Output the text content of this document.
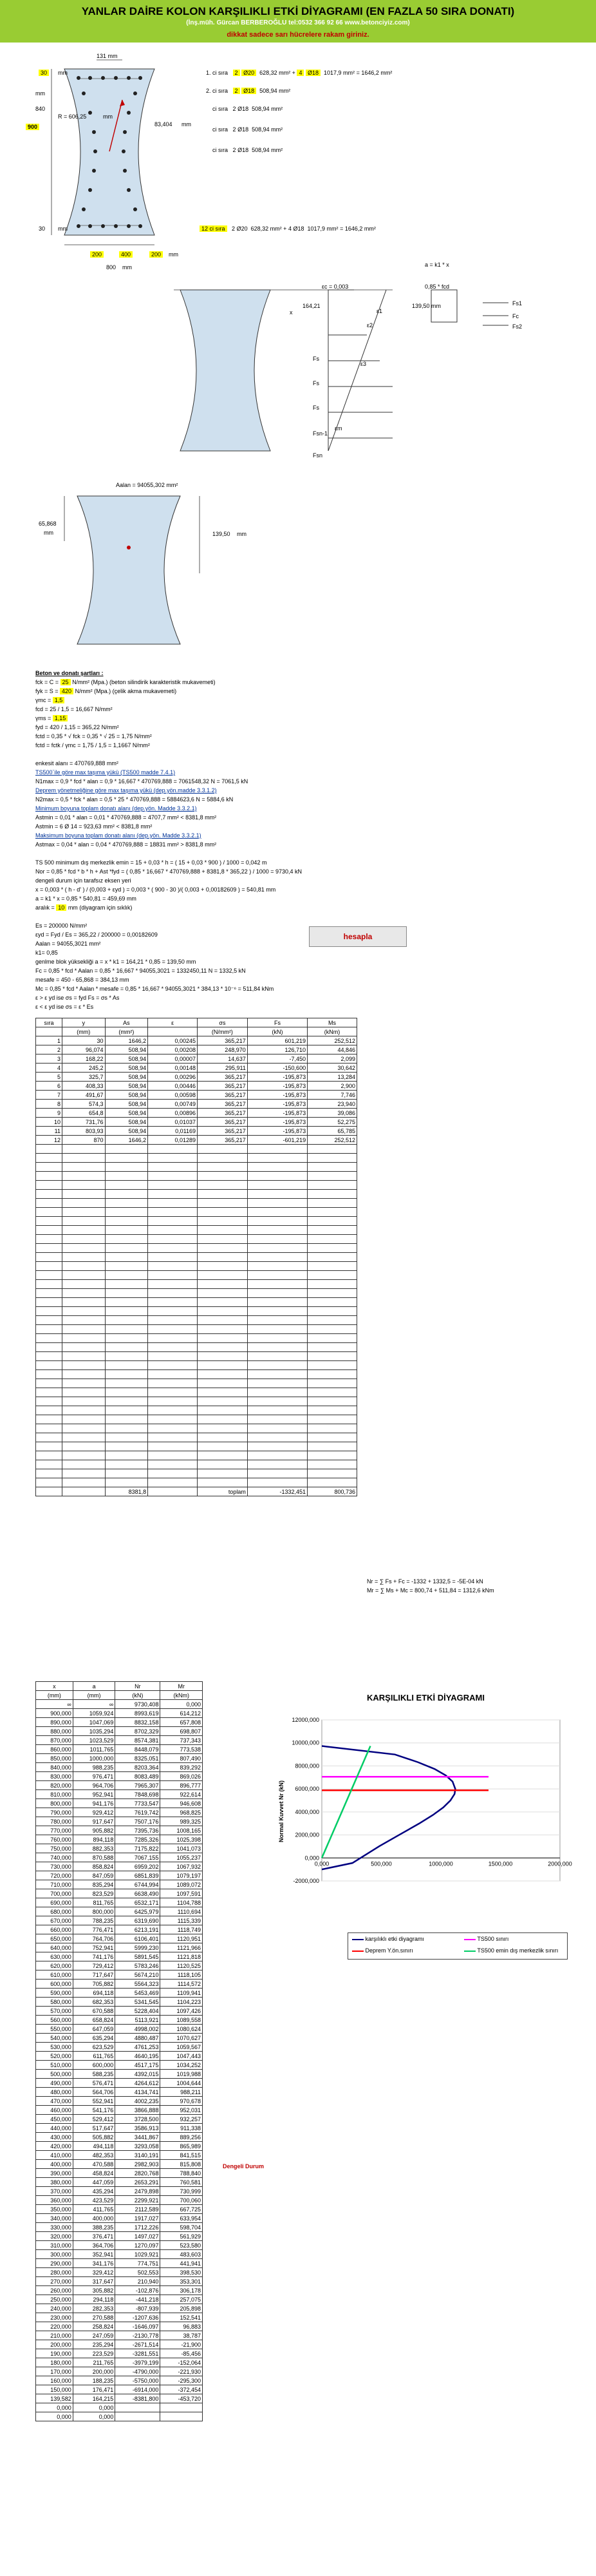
YANLAR DAİRE KOLON KARŞILIKLI ETKİ DİYAGRAMI (EN FAZLA 50 SIRA DONATI)
(İnş.müh. Gürcan BERBEROĞLU tel:0532 366 92 66 www.betonciyiz.com)
dikkat sadece sarı hücrelere rakam giriniz.
131 mm
30	mm
900
840
mm
R = 606,25	mm
83,404 mm
30 mm
200	400	200	mm
800 mm
1. ci sıra 2 Ø20 628,32 mm² + 4 Ø18 1017,9 mm² = 1646,2 mm²
2. ci sıra 2 Ø18 508,94 mm²
ci sıra 2 Ø18 508,94 mm²
ci sıra 2 Ø18 508,94 mm²
ci sıra 2 Ø18 508,94 mm²
12 ci sıra 2 Ø20 628,32 mm² + 4 Ø18 1017,9 mm² = 1646,2 mm²
a = k1 * x
εc = 0,003	0,85 * fcd
x
164,21	139,50 mm
ε1
ε2
ε3
εm
Fs1
Fc
Fs2
Fs
Fs
Fs
Fsn-1
Fsn
Aalan = 94055,302 mm²
65,868
mm	139,50 mm
Beton ve donatı şartları :
fck = C = 25 N/mm² (Mpa.) (beton silindirik karakteristik mukavemeti)
fyk = S = 420 N/mm² (Mpa.) (çelik akma mukavemeti)
γmc = 1,5
fcd = 25 / 1,5 = 16,667 N/mm²
γms = 1,15
fyd = 420 / 1,15 = 365,22 N/mm²
fctd = 0,35 * √ fck = 0,35 * √ 25 = 1,75 N/mm²
fctd = fctk / γmc = 1,75 / 1,5 = 1,1667 N/mm²
enkesit alanı = 470769,888 mm²
TS500`ile göre max taşıma yükü (TS500 madde 7.4.1)
N1max = 0,9 * fcd * alan = 0,9 * 16,667 * 470769,888 = 7061548,32 N = 7061,5 kN
Deprem yönetmeliğine göre max taşıma yükü (dep.yön.madde 3.3.1.2)
N2max = 0,5 * fck * alan = 0,5 * 25 * 470769,888 = 5884623,6 N = 5884,6 kN
Minimum boyuna toplam donatı alanı (dep.yön. Madde 3.3.2.1)
Astmin = 0,01 * alan = 0,01 * 470769,888 = 4707,7 mm² < 8381,8 mm²
Astmin = 6 Ø 14 = 923,63 mm² < 8381,8 mm²
Maksimum boyuna toplam donatı alanı (dep.yön. Madde 3.3.2.1)
Astmax = 0,04 * alan = 0,04 * 470769,888 = 18831 mm² > 8381,8 mm²
TS 500 minimum dış merkezlik emin = 15 + 0,03 * h = ( 15 + 0,03 * 900 ) / 1000 = 0,042 m
Nor = 0,85 * fcd * b * h + Ast *fyd = ( 0,85 * 16,667 * 470769,888 + 8381,8 * 365,22 ) / 1000 = 9730,4 kN
dengeli durum için tarafsız eksen yeri
x = 0,003 * ( h - d' ) / (0,003 + εyd ) = 0,003 * ( 900 - 30 )/( 0,003 + 0,00182609 ) = 540,81 mm
a = k1 * x = 0,85 * 540,81 = 459,69 mm
aralık = 10 mm (diyagram için sıklık)
Es = 200000 N/mm²
εyd = Fyd / Es = 365,22 / 200000 = 0,00182609	hesapla
Aalan = 94055,3021 mm²
k1= 0,85
genlme blok yüksekliği a = x * k1 = 164,21 * 0,85 = 139,50 mm
Fc = 0,85 * fcd * Aalan = 0,85 * 16,667 * 94055,3021 = 1332450,11 N = 1332,5 kN
mesafe = 450 - 65,868 = 384,13 mm
Mc = 0,85 * fcd * Aalan * mesafe = 0,85 * 16,667 * 94055,3021 * 384,13 * 10⁻⁶ = 511,84 kNm
ε > ε yd ise σs = fyd Fs = σs * As
ε < ε yd ise σs = ε * Es
sıra	y	As	ε	σs	Fs	Ms
	(mm)	(mm²)		(N/mm²)	(kN)	(kNm)
1	30	1646,2	0,00245	365,217	601,219	252,512
2	96,074	508,94	0,00208	248,970	126,710	44,846
3	168,22	508,94	0,00007	14,637	-7,450	2,099
4	245,2	508,94	0,00148	295,911	-150,600	30,642
5	325,7	508,94	0,00296	365,217	-195,873	13,284
6	408,33	508,94	0,00446	365,217	-195,873	2,900
7	491,67	508,94	0,00598	365,217	-195,873	7,746
8	574,3	508,94	0,00749	365,217	-195,873	23,940
9	654,8	508,94	0,00896	365,217	-195,873	39,086
10	731,76	508,94	0,01037	365,217	-195,873	52,275
11	803,93	508,94	0,01169	365,217	-195,873	65,785
12	870	1646,2	0,01289	365,217	-601,219	252,512

		8381,8		toplam	-1332,451	800,736
Nr = ∑ Fs + Fc = -1332 + 1332,5 = -5E-04 kN
Mr = ∑ Ms + Mc = 800,74 + 511,84 = 1312,6 kNm
x	a	Nr	Mr
(mm)	(mm)	(kN)	(kNm)
∞	∞	9730,408	0,000
900,000	1059,924	8993,619	614,212
890,000	1047,069	8832,158	657,808
880,000	1035,294	8702,329	698,807
870,000	1023,529	8574,381	737,343
860,000	1011,765	8448,079	773,538
850,000	1000,000	8325,051	807,490
840,000	988,235	8203,364	839,292
830,000	976,471	8083,489	869,026
820,000	964,706	7965,307	896,777
810,000	952,941	7848,698	922,614
800,000	941,176	7733,547	946,608
790,000	929,412	7619,742	968,825
780,000	917,647	7507,176	989,325
770,000	905,882	7395,736	1008,165
760,000	894,118	7285,326	1025,398
750,000	882,353	7175,822	1041,073
740,000	870,588	7067,155	1055,237
730,000	858,824	6959,202	1067,932
720,000	847,059	6851,839	1079,197
710,000	835,294	6744,994	1089,072
700,000	823,529	6638,490	1097,591
690,000	811,765	6532,171	1104,788
680,000	800,000	6425,979	1110,694
670,000	788,235	6319,690	1115,339
660,000	776,471	6213,191	1118,749
650,000	764,706	6106,401	1120,951
640,000	752,941	5999,230	1121,966
630,000	741,176	5891,545	1121,818
620,000	729,412	5783,246	1120,525
610,000	717,647	5674,210	1118,105
600,000	705,882	5564,323	1114,572
590,000	694,118	5453,469	1109,941
580,000	682,353	5341,545	1104,223
570,000	670,588	5228,404	1097,426
560,000	658,824	5113,921	1089,558
550,000	647,059	4998,002	1080,624
540,000	635,294	4880,487	1070,627
530,000	623,529	4761,253	1059,567
520,000	611,765	4640,195	1047,443
510,000	600,000	4517,175	1034,252
500,000	588,235	4392,015	1019,988
490,000	576,471	4264,612	1004,644
480,000	564,706	4134,741	988,211
470,000	552,941	4002,235	970,678
460,000	541,176	3866,888	952,031
450,000	529,412	3728,500	932,257
440,000	517,647	3586,913	911,338
430,000	505,882	3441,867	889,256
420,000	494,118	3293,058	865,989
410,000	482,353	3140,191	841,515
400,000	470,588	2982,903	815,808
390,000	458,824	2820,768	788,840
380,000	447,059	2653,291	760,581
370,000	435,294	2479,898	730,999
360,000	423,529	2299,921	700,060
350,000	411,765	2112,589	667,725
340,000	400,000	1917,027	633,954
330,000	388,235	1712,226	598,704
320,000	376,471	1497,027	561,929
310,000	364,706	1270,097	523,580
300,000	352,941	1029,921	483,603
290,000	341,176	774,751	441,941
280,000	329,412	502,553	398,530
270,000	317,647	210,940	353,301
260,000	305,882	-102,876	306,178
250,000	294,118	-441,218	257,075
240,000	282,353	-807,939	205,898
230,000	270,588	-1207,636	152,541
220,000	258,824	-1646,097	96,883
210,000	247,059	-2130,778	38,787
200,000	235,294	-2671,514	-21,900
190,000	223,529	-3281,551	-85,456
180,000	211,765	-3979,199	-152,064
170,000	200,000	-4790,000	-221,930
160,000	188,235	-5750,000	-295,300
150,000	176,471	-6914,000	-372,454
139,582	164,215	-8381,800	-453,720
0,000	0,000		
0,000	0,000		
Dengeli Durum
KARŞILIKLI ETKİ DİYAGRAMI
12000,000
10000,000
8000,000
6000,000
4000,000
2000,000
0,000
-2000,000
0,000	500,000	1000,000	1500,000	2000,000
Normal Kuvvet Nr (kN)
karşılıklı etki diyagramı	TS500 sınırı
Deprem Y.ön.sınırı	TS500 emin dış merkezlik sınırı
